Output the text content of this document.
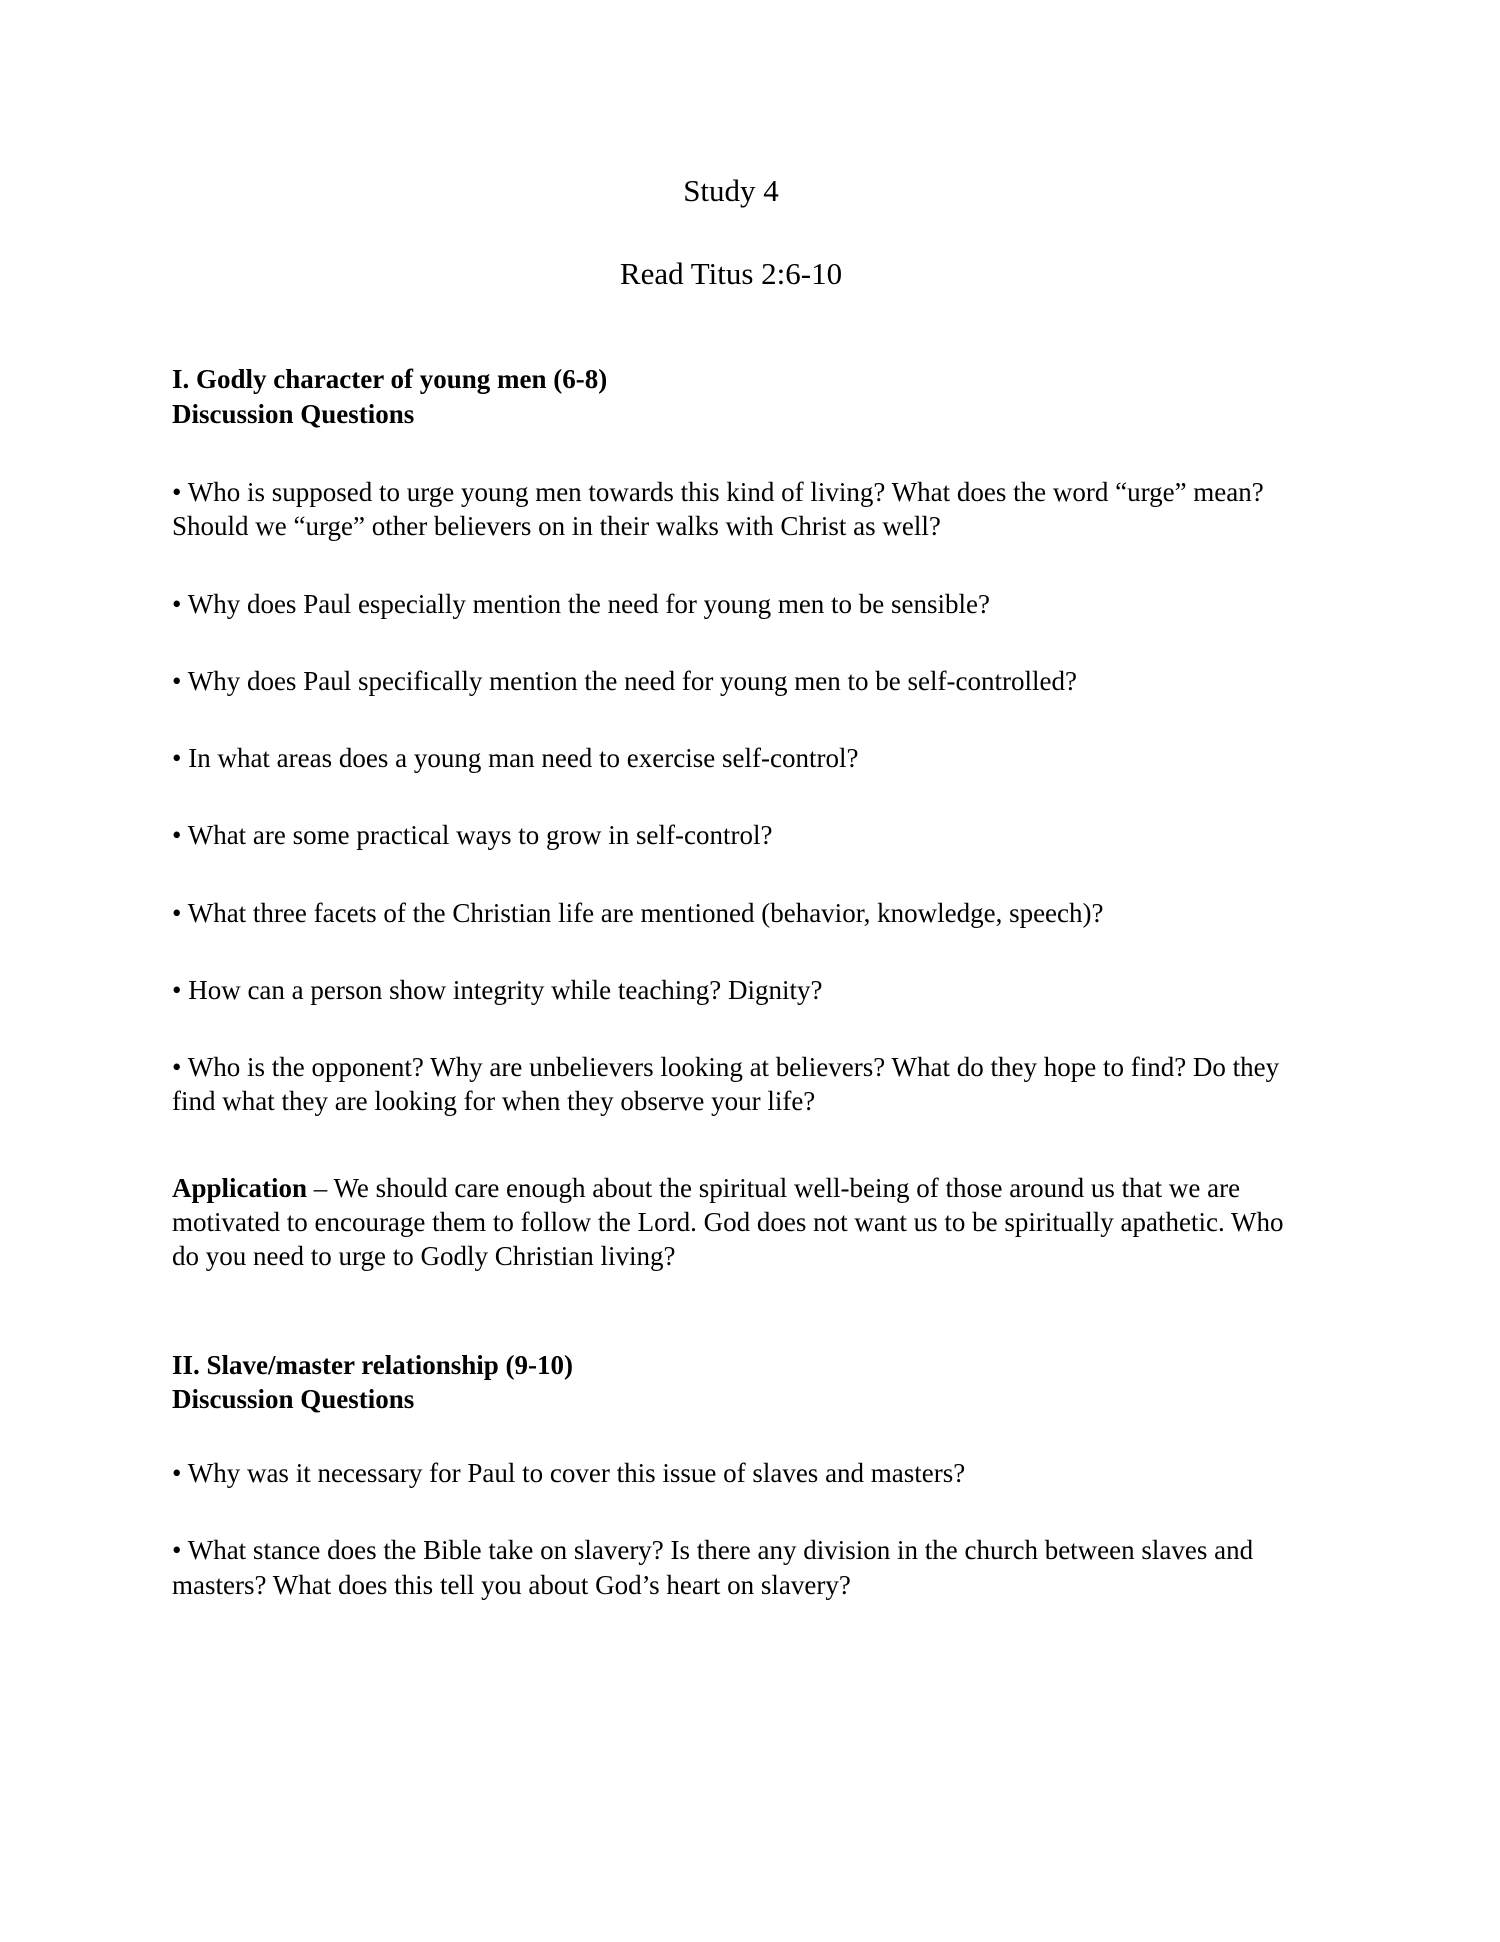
Study 4
Read Titus 2:6-10
I. Godly character of young men (6-8)
Discussion Questions

• Who is supposed to urge young men towards this kind of living? What does the word “urge” mean? Should we “urge” other believers on in their walks with Christ as well?

• Why does Paul especially mention the need for young men to be sensible?

• Why does Paul specifically mention the need for young men to be self-controlled?

• In what areas does a young man need to exercise self-control?

• What are some practical ways to grow in self-control?

• What three facets of the Christian life are mentioned (behavior, knowledge, speech)?

• How can a person show integrity while teaching? Dignity?

• Who is the opponent? Why are unbelievers looking at believers? What do they hope to find? Do they find what they are looking for when they observe your life?

Application – We should care enough about the spiritual well-being of those around us that we are motivated to encourage them to follow the Lord. God does not want us to be spiritually apathetic. Who do you need to urge to Godly Christian living?

II. Slave/master relationship (9-10)
Discussion Questions

• Why was it necessary for Paul to cover this issue of slaves and masters?

• What stance does the Bible take on slavery? Is there any division in the church between slaves and masters? What does this tell you about God’s heart on slavery?
